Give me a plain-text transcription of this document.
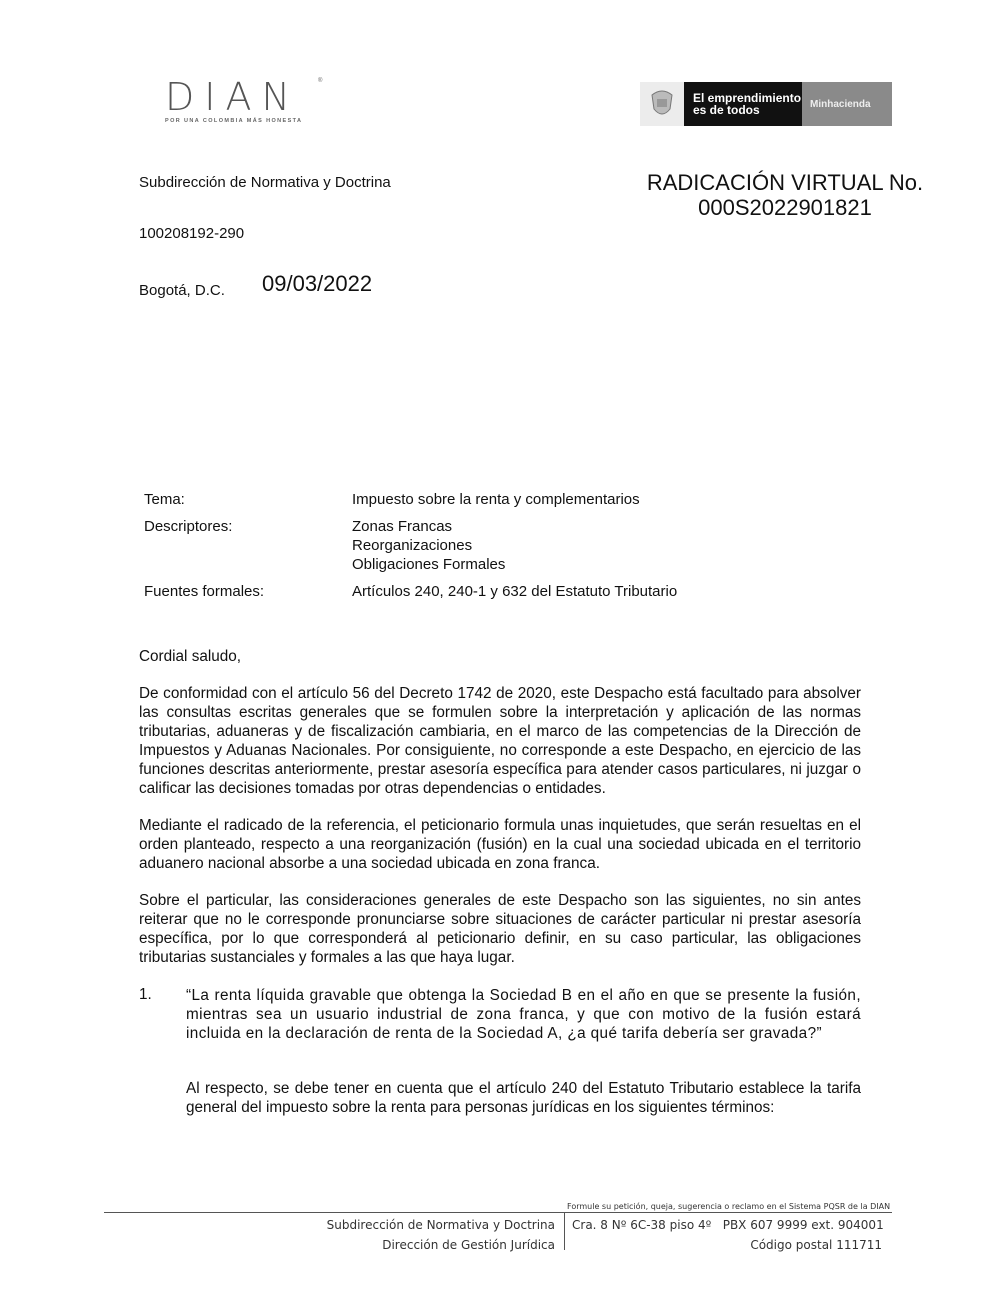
DIAN	®
POR UNA COLOMBIA MÁS HONESTA
El emprendimiento
es de todos	Minhacienda
Subdirección de Normativa y Doctrina	RADICACIÓN VIRTUAL No.
000S2022901821
100208192-290
Bogotá, D.C. 09/03/2022
Tema:	Impuesto sobre la renta y complementarios
Descriptores:	Zonas Francas
Reorganizaciones
Obligaciones Formales

Fuentes formales:	Artículos 240, 240-1 y 632 del Estatuto Tributario
Cordial saludo,
De conformidad con el artículo 56 del Decreto 1742 de 2020, este Despacho está facultado para absolver las consultas escritas generales que se formulen sobre la interpretación y aplicación de las normas tributarias, aduaneras y de fiscalización cambiaria, en el marco de las competencias de la Dirección de Impuestos y Aduanas Nacionales. Por consiguiente, no corresponde a este Despacho, en ejercicio de las funciones descritas anteriormente, prestar asesoría específica para atender casos particulares, ni juzgar o calificar las decisiones tomadas por otras dependencias o entidades.
Mediante el radicado de la referencia, el peticionario formula unas inquietudes, que serán resueltas en el orden planteado, respecto a una reorganización (fusión) en la cual una sociedad ubicada en el territorio aduanero nacional absorbe a una sociedad ubicada en zona franca.
Sobre el particular, las consideraciones generales de este Despacho son las siguientes, no sin antes reiterar que no le corresponde pronunciarse sobre situaciones de carácter particular ni prestar asesoría específica, por lo que corresponderá al peticionario definir, en su caso particular, las obligaciones tributarias sustanciales y formales a las que haya lugar.
1. “La renta líquida gravable que obtenga la Sociedad B en el año en que se presente la fusión, mientras sea un usuario industrial de zona franca, y que con motivo de la fusión estará incluida en la declaración de renta de la Sociedad A, ¿a qué tarifa debería ser gravada?”
Al respecto, se debe tener en cuenta que el artículo 240 del Estatuto Tributario establece la tarifa general del impuesto sobre la renta para personas jurídicas en los siguientes términos:
Formule su petición, queja, sugerencia o reclamo en el Sistema PQSR de la DIAN
Subdirección de Normativa y Doctrina
Dirección de Gestión Jurídica
Cra. 8 Nº 6C-38 piso 4º   PBX 607 9999 ext. 904001
Código postal 111711
